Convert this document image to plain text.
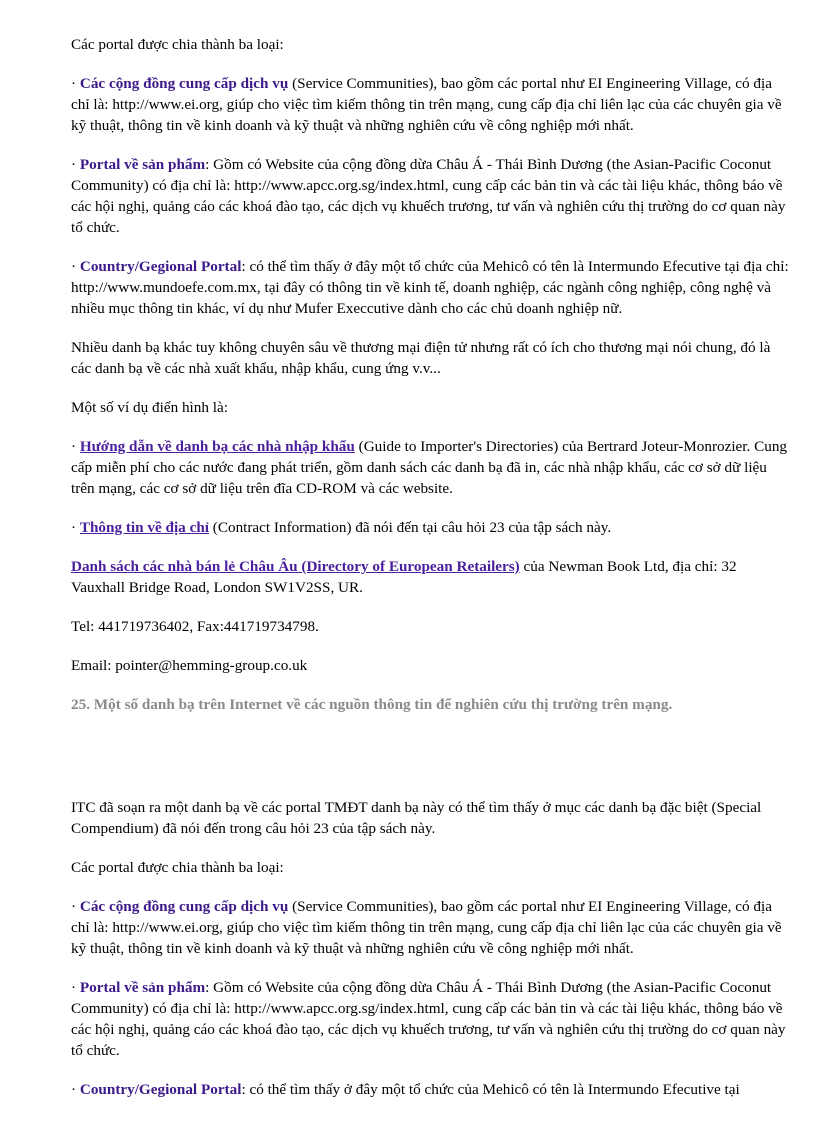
Các portal được chia thành ba loại:

· Các cộng đồng cung cấp dịch vụ (Service Communities), bao gồm các portal như EI Engineering Village, có địa chỉ là: http://www.ei.org, giúp cho việc tìm kiếm thông tin trên mạng, cung cấp địa chỉ liên lạc của các chuyên gia về kỹ thuật, thông tin về kinh doanh và kỹ thuật và những nghiên cứu về công nghiệp mới nhất.

· Portal về sản phẩm: Gồm có Website của cộng đồng dừa Châu Á - Thái Bình Dương (the Asian-Pacific Coconut Community) có địa chỉ là: http://www.apcc.org.sg/index.html, cung cấp các bản tin và các tài liệu khác, thông báo về các hội nghị, quảng cáo các khoá đào tạo, các dịch vụ khuếch trương, tư vấn và nghiên cứu thị trường do cơ quan này tổ chức.

· Country/Gegional Portal: có thể tìm thấy ở đây một tổ chức của Mehicô có tên là Intermundo Efecutive tại địa chỉ: http://www.mundoefe.com.mx, tại đây có thông tin về kinh tế, doanh nghiệp, các ngành công nghiệp, công nghệ và nhiều mục thông tin khác, ví dụ như Mufer Execcutive dành cho các chủ doanh nghiệp nữ.

Nhiều danh bạ khác tuy không chuyên sâu về thương mại điện tử nhưng rất có ích cho thương mại nói chung, đó là các danh bạ về các nhà xuất khẩu, nhập khẩu, cung ứng v.v...

Một số ví dụ điển hình là:

· Hướng dẫn về danh bạ các nhà nhập khẩu (Guide to Importer's Directories) của Bertrard Joteur-Monrozier. Cung cấp miễn phí cho các nước đang phát triển, gồm danh sách các danh bạ đã in, các nhà nhập khẩu, các cơ sở dữ liệu trên mạng, các cơ sở dữ liệu trên đĩa CD-ROM và các website.

· Thông tin về địa chỉ (Contract Information) đã nói đến tại câu hỏi 23 của tập sách này.

Danh sách các nhà bán lẻ Châu Âu (Directory of European Retailers) của Newman Book Ltd, địa chỉ: 32 Vauxhall Bridge Road, London SW1V2SS, UR.

Tel: 441719736402, Fax:441719734798.

Email: pointer@hemming-group.co.uk

25. Một số danh bạ trên Internet về các nguồn thông tin để nghiên cứu thị trường trên mạng.

ITC đã soạn ra một danh bạ về các portal TMĐT danh bạ này có thể tìm thấy ở mục các danh bạ đặc biệt (Special Compendium) đã nói đến trong câu hỏi 23 của tập sách này.

Các portal được chia thành ba loại:

· Các cộng đồng cung cấp dịch vụ (Service Communities), bao gồm các portal như EI Engineering Village, có địa chỉ là: http://www.ei.org, giúp cho việc tìm kiếm thông tin trên mạng, cung cấp địa chỉ liên lạc của các chuyên gia về kỹ thuật, thông tin về kinh doanh và kỹ thuật và những nghiên cứu về công nghiệp mới nhất.

· Portal về sản phẩm: Gồm có Website của cộng đồng dừa Châu Á - Thái Bình Dương (the Asian-Pacific Coconut Community) có địa chỉ là: http://www.apcc.org.sg/index.html, cung cấp các bản tin và các tài liệu khác, thông báo về các hội nghị, quảng cáo các khoá đào tạo, các dịch vụ khuếch trương, tư vấn và nghiên cứu thị trường do cơ quan này tổ chức.

· Country/Gegional Portal: có thể tìm thấy ở đây một tổ chức của Mehicô có tên là Intermundo Efecutive tại
